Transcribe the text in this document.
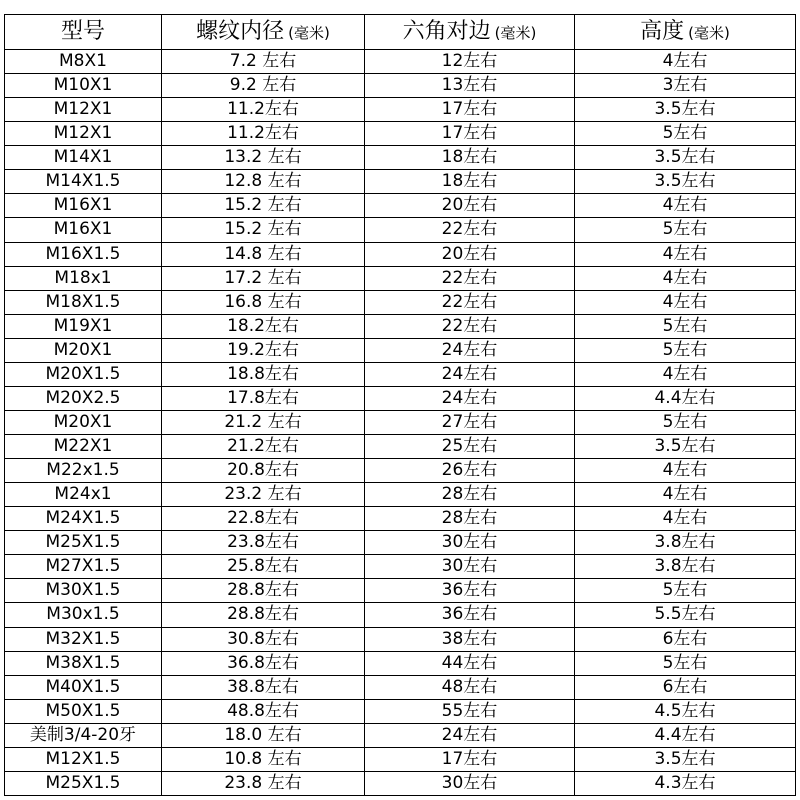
型号	螺纹内径 (毫米)	六角对边 (毫米)	高度 (毫米)
M8X1	7.2 左右	12左右	4左右
M10X1	9.2 左右	13左右	3左右
M12X1	11.2左右	17左右	3.5左右
M12X1	11.2左右	17左右	5左右
M14X1	13.2 左右	18左右	3.5左右
M14X1.5	12.8 左右	18左右	3.5左右
M16X1	15.2 左右	20左右	4左右
M16X1	15.2 左右	22左右	5左右
M16X1.5	14.8 左右	20左右	4左右
M18x1	17.2 左右	22左右	4左右
M18X1.5	16.8 左右	22左右	4左右
M19X1	18.2左右	22左右	5左右
M20X1	19.2左右	24左右	5左右
M20X1.5	18.8左右	24左右	4左右
M20X2.5	17.8左右	24左右	4.4左右
M20X1	21.2 左右	27左右	5左右
M22X1	21.2左右	25左右	3.5左右
M22x1.5	20.8左右	26左右	4左右
M24x1	23.2 左右	28左右	4左右
M24X1.5	22.8左右	28左右	4左右
M25X1.5	23.8左右	30左右	3.8左右
M27X1.5	25.8左右	30左右	3.8左右
M30X1.5	28.8左右	36左右	5左右
M30x1.5	28.8左右	36左右	5.5左右
M32X1.5	30.8左右	38左右	6左右
M38X1.5	36.8左右	44左右	5左右
M40X1.5	38.8左右	48左右	6左右
M50X1.5	48.8左右	55左右	4.5左右
美制3/4-20牙	18.0 左右	24左右	4.4左右
M12X1.5	10.8 左右	17左右	3.5左右
M25X1.5	23.8 左右	30左右	4.3左右
